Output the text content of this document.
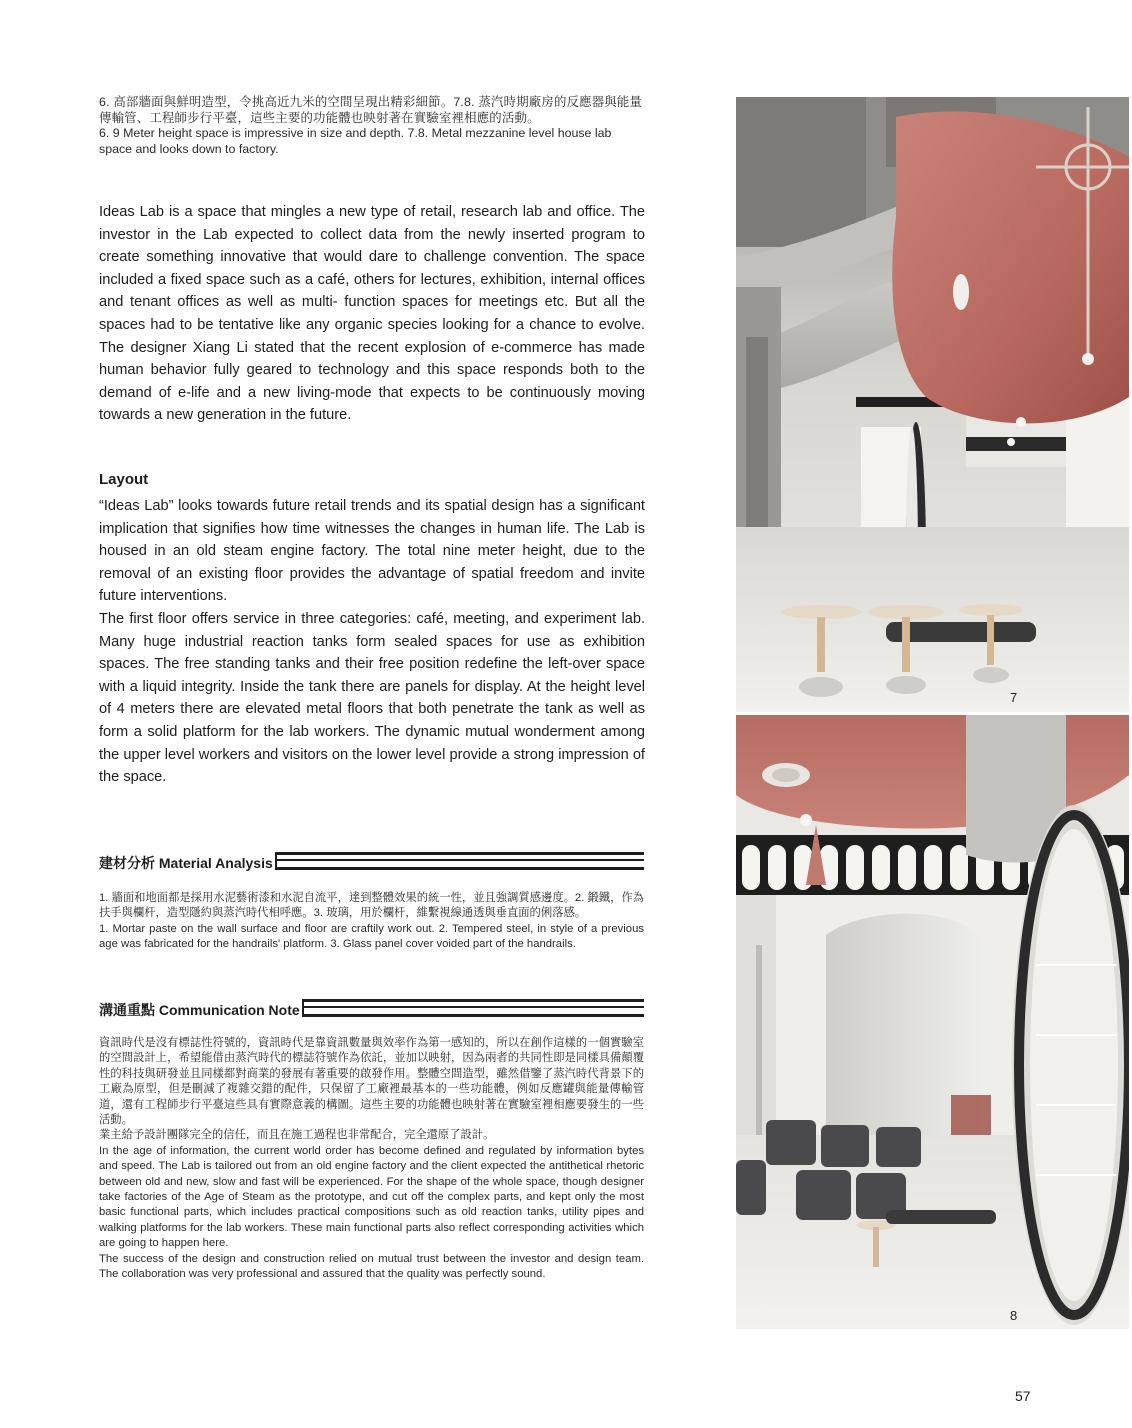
6. 高部牆面與鮮明造型，令挑高近九米的空間呈現出精彩細節。7.8. 蒸汽時期廠房的反應器與能量傳輸管、工程師步行平臺，這些主要的功能體也映射著在實驗室裡相應的活動。

6. 9 Meter height space is impressive in size and depth. 7.8. Metal mezzanine level house lab space and looks down to factory.

Ideas Lab is a space that mingles a new type of retail, research lab and office. The investor in the Lab expected to collect data from the newly inserted program to create something innovative that would dare to challenge convention. The space included a fixed space such as a café, others for lectures, exhibition, internal offices and tenant offices as well as multi- function spaces for meetings etc. But all the spaces had to be tentative like any organic species looking for a chance to evolve. The designer Xiang Li stated that the recent explosion of e-commerce has made human behavior fully geared to technology and this space responds both to the demand of e-life and a new living-mode that expects to be continuously moving towards a new generation in the future.

Layout

“Ideas Lab” looks towards future retail trends and its spatial design has a significant implication that signifies how time witnesses the changes in human life. The Lab is housed in an old steam engine factory. The total nine meter height, due to the removal of an existing floor provides the advantage of spatial freedom and invite future interventions.

The first floor offers service in three categories: café, meeting, and experiment lab. Many huge industrial reaction tanks form sealed spaces for use as exhibition spaces. The free standing tanks and their free position redefine the left-over space with a liquid integrity. Inside the tank there are panels for display. At the height level of 4 meters there are elevated metal floors that both penetrate the tank as well as form a solid platform for the lab workers. The dynamic mutual wonderment among the upper level workers and visitors on the lower level provide a strong impression of the space.

建材分析 Material Analysis

1. 牆面和地面都是採用水泥藝術漆和水泥自流平，達到整體效果的統一性，並且強調質感邊度。2. 鍛鐵，作為扶手與欄杆，造型隱約與蒸汽時代相呼應。3. 玻璃，用於欄杆，維繫視線通透與垂直面的俐落感。

1. Mortar paste on the wall surface and floor are craftily work out. 2. Tempered steel, in style of a previous age was fabricated for the handrails' platform. 3. Glass panel cover voided part of the handrails.

溝通重點 Communication Note

資訊時代是沒有標誌性符號的，資訊時代是靠資訊數量與效率作為第一感知的，所以在創作這樣的一個實驗室的空間設計上，希望能借由蒸汽時代的標誌符號作為依託，並加以映射，因為兩者的共同性即是同樣具備顛覆性的科技與研發並且同樣都對商業的發展有著重要的啟發作用。整體空間造型，雖然借鑒了蒸汽時代背景下的工廠為原型，但是刪減了複雜交錯的配件，只保留了工廠裡最基本的一些功能體，例如反應罐與能量傳輸管道，還有工程師步行平臺這些具有實際意義的構圖。這些主要的功能體也映射著在實驗室裡相應要發生的一些活動。

業主給予設計團隊完全的信任，而且在施工過程也非常配合，完全還原了設計。

In the age of information, the current world order has become defined and regulated by information bytes and speed. The Lab is tailored out from an old engine factory and the client expected the antithetical rhetoric between old and new, slow and fast will be experienced. For the shape of the whole space, though designer take factories of the Age of Steam as the prototype, and cut off the complex parts, and kept only the most basic functional parts, which includes practical compositions such as old reaction tanks, utility pipes and walking platforms for the lab workers. These main functional parts also reflect corresponding activities which are going to happen here.

The success of the design and construction relied on mutual trust between the investor and design team. The collaboration was very professional and assured that the quality was perfectly sound.

7
8
57
